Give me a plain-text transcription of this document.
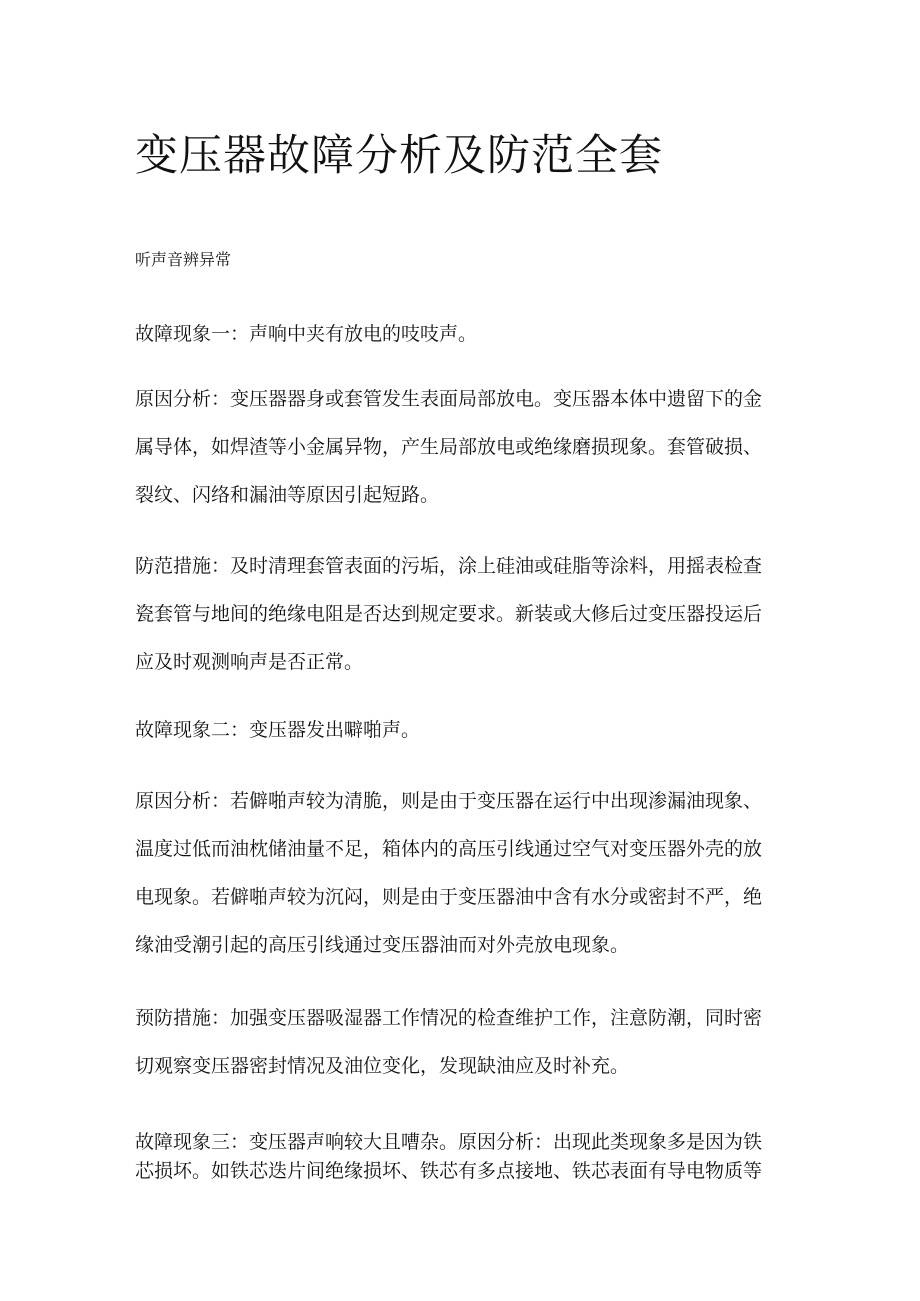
变压器故障分析及防范全套

听声音辨异常

故障现象一：声响中夹有放电的吱吱声。

原因分析：变压器器身或套管发生表面局部放电。变压器本体中遗留下的金
属导体，如焊渣等小金属异物，产生局部放电或绝缘磨损现象。套管破损、
裂纹、闪络和漏油等原因引起短路。

防范措施：及时清理套管表面的污垢，涂上硅油或硅脂等涂料，用摇表检查
瓷套管与地间的绝缘电阻是否达到规定要求。新装或大修后过变压器投运后
应及时观测响声是否正常。

故障现象二：变压器发出噼啪声。

原因分析：若僻啪声较为清脆，则是由于变压器在运行中出现渗漏油现象、
温度过低而油枕储油量不足，箱体内的高压引线通过空气对变压器外壳的放
电现象。若僻啪声较为沉闷，则是由于变压器油中含有水分或密封不严，绝
缘油受潮引起的高压引线通过变压器油而对外壳放电现象。

预防措施：加强变压器吸湿器工作情况的检查维护工作，注意防潮，同时密
切观察变压器密封情况及油位变化，发现缺油应及时补充。

故障现象三：变压器声响较大且嘈杂。原因分析：出现此类现象多是因为铁
芯损坏。如铁芯迭片间绝缘损坏、铁芯有多点接地、铁芯表面有导电物质等
